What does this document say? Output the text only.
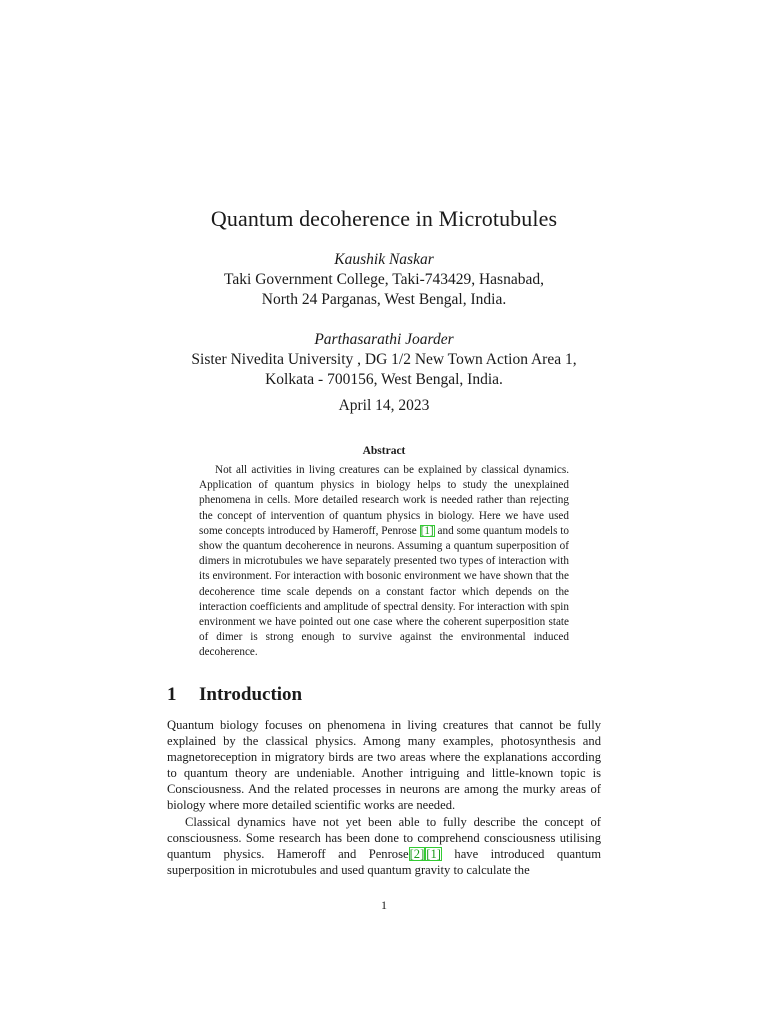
Quantum decoherence in Microtubules
Kaushik Naskar
Taki Government College, Taki-743429, Hasnabad,
North 24 Parganas, West Bengal, India.
Parthasarathi Joarder
Sister Nivedita University , DG 1/2 New Town Action Area 1,
Kolkata - 700156, West Bengal, India.
April 14, 2023
Abstract
Not all activities in living creatures can be explained by classical dynamics. Application of quantum physics in biology helps to study the unexplained phenomena in cells. More detailed research work is needed rather than rejecting the concept of intervention of quantum physics in biology. Here we have used some concepts introduced by Hameroff, Penrose [1] and some quantum models to show the quantum decoherence in neurons. Assuming a quantum superposition of dimers in microtubules we have separately presented two types of interaction with its environment. For interaction with bosonic environment we have shown that the decoherence time scale depends on a constant factor which depends on the interaction coefficients and amplitude of spectral density. For interaction with spin environment we have pointed out one case where the coherent superposition state of dimer is strong enough to survive against the environmental induced decoherence.
1 Introduction

Quantum biology focuses on phenomena in living creatures that cannot be fully explained by the classical physics. Among many examples, photosynthesis and magnetoreception in migratory birds are two areas where the explanations according to quantum theory are undeniable. Another intriguing and little-known topic is Consciousness. And the related processes in neurons are among the murky areas of biology where more detailed scientific works are needed.

Classical dynamics have not yet been able to fully describe the concept of consciousness. Some research has been done to comprehend consciousness utilising quantum physics. Hameroff and Penrose[2] [1] have introduced quantum superposition in microtubules and used quantum gravity to calculate the

1
